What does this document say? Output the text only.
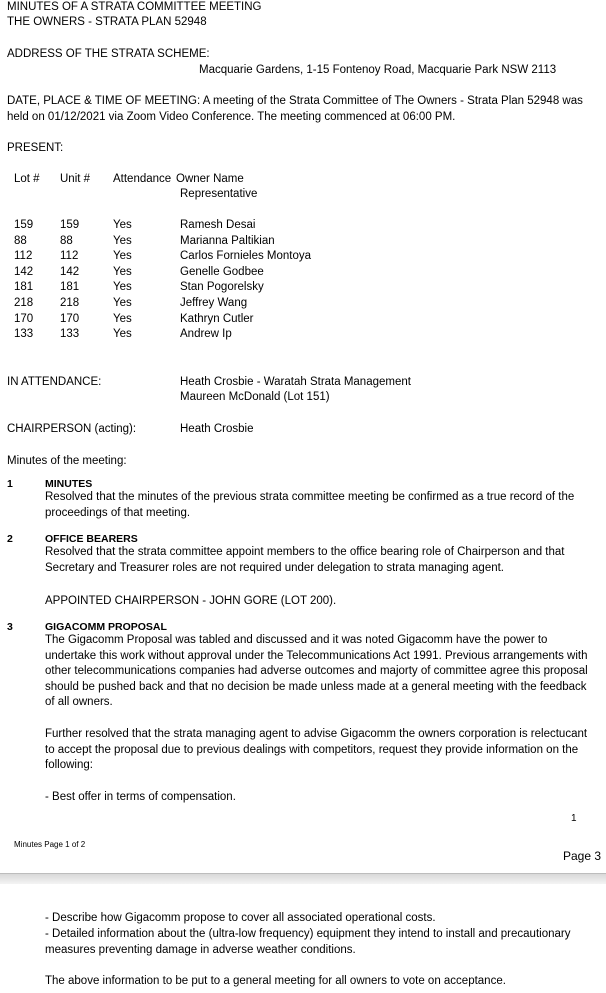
MINUTES OF A STRATA COMMITTEE MEETING
THE OWNERS - STRATA PLAN 52948
ADDRESS OF THE STRATA SCHEME:
Macquarie Gardens, 1-15 Fontenoy Road, Macquarie Park NSW 2113
DATE, PLACE & TIME OF MEETING: A meeting of the Strata Committee of The Owners - Strata Plan 52948 was held on 01/12/2021 via Zoom Video Conference. The meeting commenced at 06:00 PM.
PRESENT:
Lot # Unit # Attendance Owner Name
Representative
159 159	Yes	Ramesh Desai
88	88	Yes	Marianna Paltikian
112 112	Yes	Carlos Fornieles Montoya
142 142	Yes	Genelle Godbee
181 181	Yes	Stan Pogorelsky
218 218	Yes	Jeffrey Wang
170 170	Yes	Kathryn Cutler
133 133	Yes	Andrew Ip
IN ATTENDANCE:	Heath Crosbie - Waratah Strata Management
Maureen McDonald (Lot 151)
CHAIRPERSON (acting):	Heath Crosbie
Minutes of the meeting:
1	MINUTES
Resolved that the minutes of the previous strata committee meeting be confirmed as a true record of the proceedings of that meeting.
2	OFFICE BEARERS
Resolved that the strata committee appoint members to the office bearing role of Chairperson and that Secretary and Treasurer roles are not required under delegation to strata managing agent.
APPOINTED CHAIRPERSON - JOHN GORE (LOT 200).
3	GIGACOMM PROPOSAL
The Gigacomm Proposal was tabled and discussed and it was noted Gigacomm have the power to undertake this work without approval under the Telecommunications Act 1991. Previous arrangements with other telecommunications companies had adverse outcomes and majorty of committee agree this proposal should be pushed back and that no decision be made unless made at a general meeting with the feedback of all owners.
Further resolved that the strata managing agent to advise Gigacomm the owners corporation is relectucant to accept the proposal due to previous dealings with competitors, request they provide information on the following:
- Best offer in terms of compensation.
1
Minutes Page 1 of 2
Page 3
- Describe how Gigacomm propose to cover all associated operational costs.
- Detailed information about the (ultra-low frequency) equipment they intend to install and precautionary measures preventing damage in adverse weather conditions.
The above information to be put to a general meeting for all owners to vote on acceptance.
